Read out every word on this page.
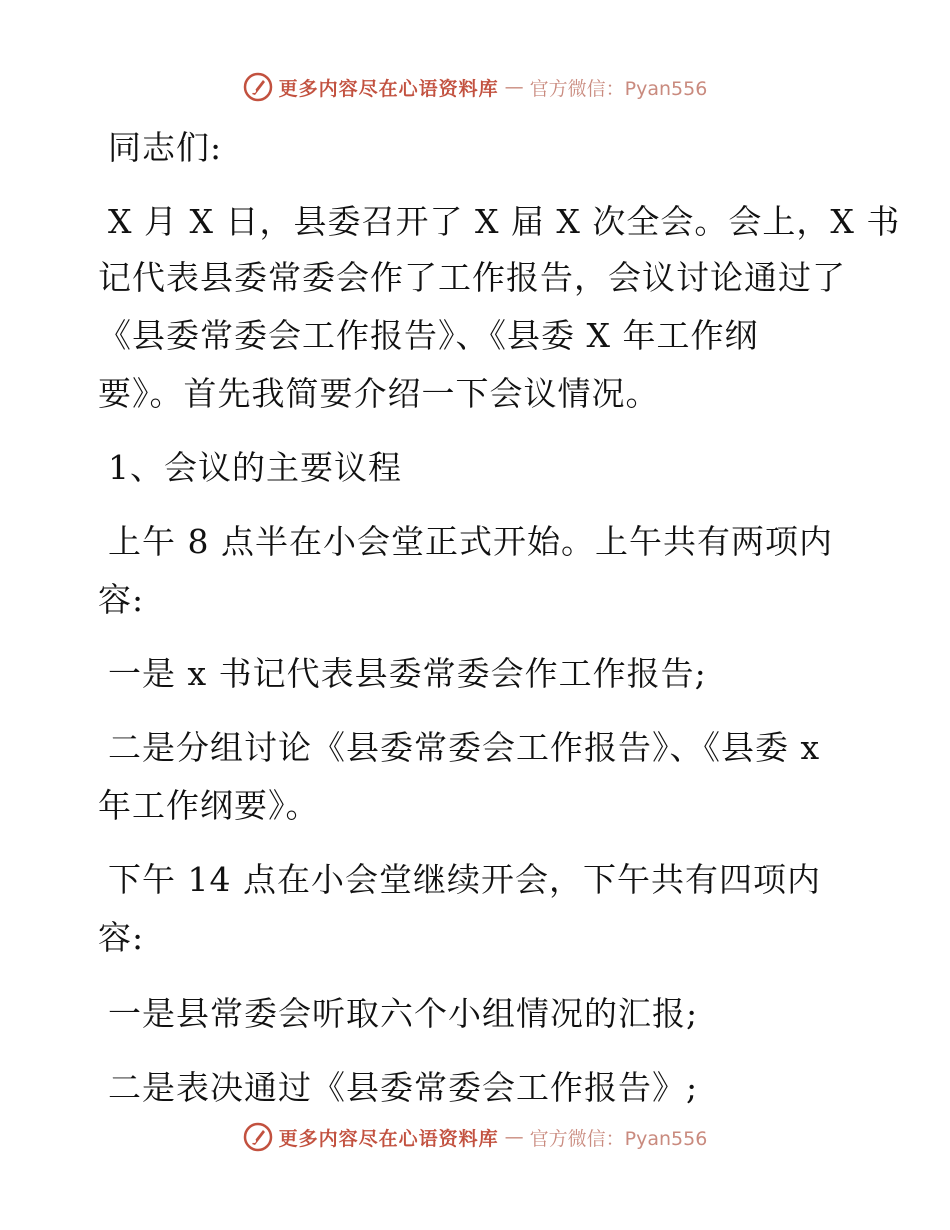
更多内容尽在心语资料库 — 官方微信：Pyan556
同志们:
X 月 X 日，县委召开了 X 届 X 次全会。会上，X 书
记代表县委常委会作了工作报告，会议讨论通过了
《县委常委会工作报告》、《县委 X 年工作纲
要》。首先我简要介绍一下会议情况。
1、会议的主要议程
上午 8 点半在小会堂正式开始。上午共有两项内
容:
一是 x 书记代表县委常委会作工作报告;
二是分组讨论《县委常委会工作报告》、《县委 x
年工作纲要》。
下午 14 点在小会堂继续开会，下午共有四项内
容:
一是县常委会听取六个小组情况的汇报;
二是表决通过《县委常委会工作报告》;
更多内容尽在心语资料库 — 官方微信：Pyan556
